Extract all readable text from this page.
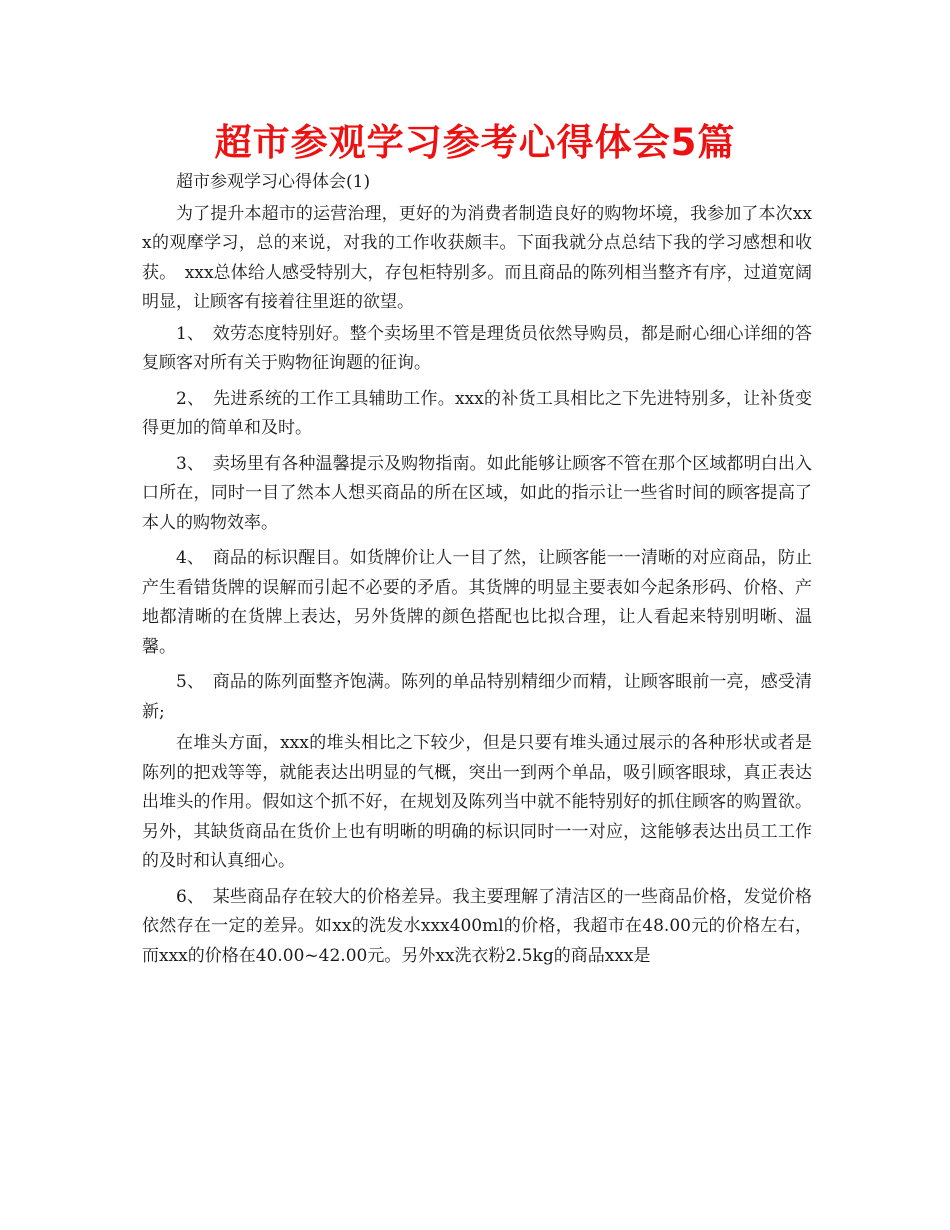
超市参观学习参考心得体会5篇

超市参观学习心得体会(1)

为了提升本超市的运营治理，更好的为消费者制造良好的购物坏境，我参加了本次xxx的观摩学习，总的来说，对我的工作收获颇丰。下面我就分点总结下我的学习感想和收获。　xxx总体给人感受特别大，存包柜特别多。而且商品的陈列相当整齐有序，过道宽阔明显，让顾客有接着往里逛的欲望。

1、　效劳态度特别好。整个卖场里不管是理货员依然导购员，都是耐心细心详细的答复顾客对所有关于购物征询题的征询。

2、　先进系统的工作工具辅助工作。xxx的补货工具相比之下先进特别多，让补货变得更加的简单和及时。

3、　卖场里有各种温馨提示及购物指南。如此能够让顾客不管在那个区域都明白出入口所在，同时一目了然本人想买商品的所在区域，如此的指示让一些省时间的顾客提高了本人的购物效率。

4、　商品的标识醒目。如货牌价让人一目了然，让顾客能一一清晰的对应商品，防止产生看错货牌的误解而引起不必要的矛盾。其货牌的明显主要表如今起条形码、价格、产地都清晰的在货牌上表达，另外货牌的颜色搭配也比拟合理，让人看起来特别明晰、温馨。

5、　商品的陈列面整齐饱满。陈列的单品特别精细少而精，让顾客眼前一亮，感受清新;

在堆头方面，xxx的堆头相比之下较少，但是只要有堆头通过展示的各种形状或者是陈列的把戏等等，就能表达出明显的气概，突出一到两个单品，吸引顾客眼球，真正表达出堆头的作用。假如这个抓不好，在规划及陈列当中就不能特别好的抓住顾客的购置欲。另外，其缺货商品在货价上也有明晰的明确的标识同时一一对应，这能够表达出员工工作的及时和认真细心。

6、　某些商品存在较大的价格差异。我主要理解了清洁区的一些商品价格，发觉价格依然存在一定的差异。如xx的洗发水xxx400ml的价格，我超市在48.00元的价格左右，而xxx的价格在40.00~42.00元。另外xx洗衣粉2.5kg的商品xxx是
